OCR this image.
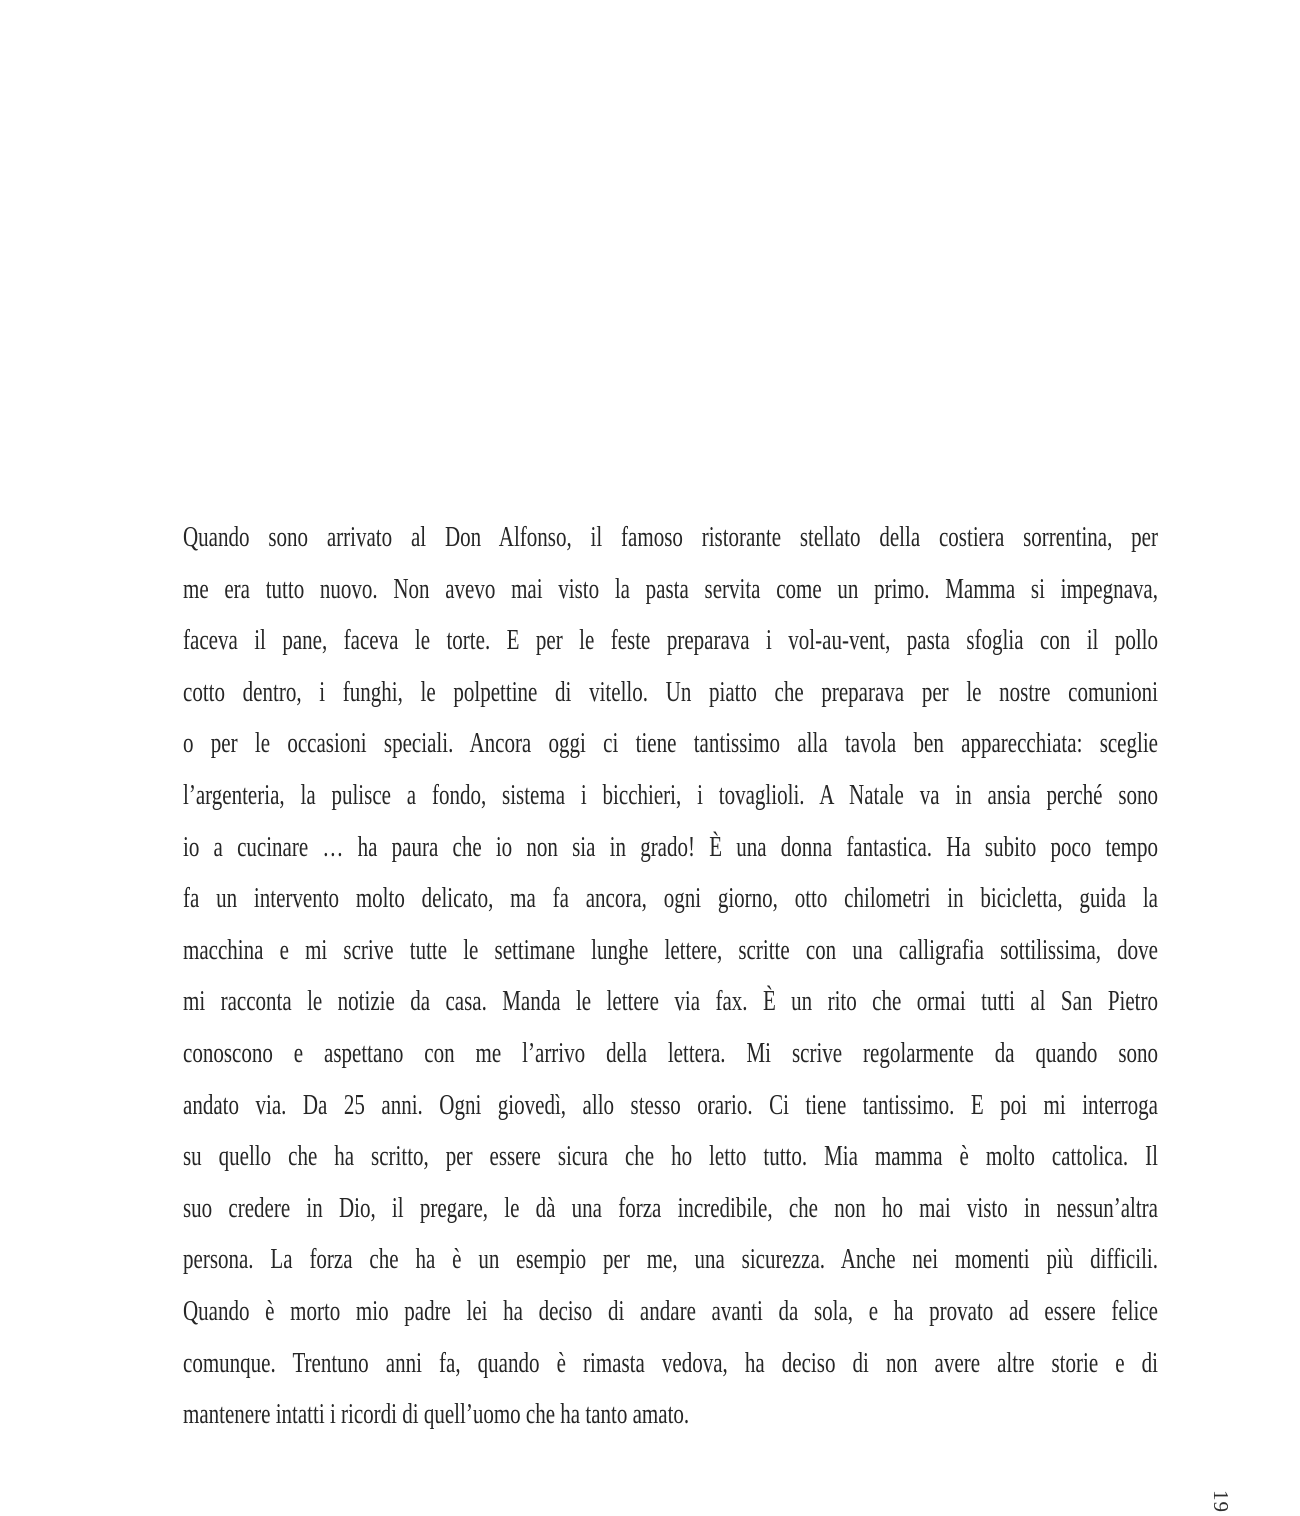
Quando sono arrivato al Don Alfonso, il famoso ristorante stellato della costiera sorrentina, per
me era tutto nuovo. Non avevo mai visto la pasta servita come un primo. Mamma si impegnava,
faceva il pane, faceva le torte. E per le feste preparava i vol-au-vent, pasta sfoglia con il pollo
cotto dentro, i funghi, le polpettine di vitello. Un piatto che preparava per le nostre comunioni
o per le occasioni speciali. Ancora oggi ci tiene tantissimo alla tavola ben apparecchiata: sceglie
l’argenteria, la pulisce a fondo, sistema i bicchieri, i tovaglioli. A Natale va in ansia perché sono
io a cucinare … ha paura che io non sia in grado! È una donna fantastica. Ha subito poco tempo
fa un intervento molto delicato, ma fa ancora, ogni giorno, otto chilometri in bicicletta, guida la
macchina e mi scrive tutte le settimane lunghe lettere, scritte con una calligrafia sottilissima, dove
mi racconta le notizie da casa. Manda le lettere via fax. È un rito che ormai tutti al San Pietro
conoscono e aspettano con me l’arrivo della lettera. Mi scrive regolarmente da quando sono
andato via. Da 25 anni. Ogni giovedì, allo stesso orario. Ci tiene tantissimo. E poi mi interroga
su quello che ha scritto, per essere sicura che ho letto tutto. Mia mamma è molto cattolica. Il
suo credere in Dio, il pregare, le dà una forza incredibile, che non ho mai visto in nessun’altra
persona. La forza che ha è un esempio per me, una sicurezza. Anche nei momenti più difficili.
Quando è morto mio padre lei ha deciso di andare avanti da sola, e ha provato ad essere felice
comunque. Trentuno anni fa, quando è rimasta vedova, ha deciso di non avere altre storie e di
mantenere intatti i ricordi di quell’uomo che ha tanto amato.
19
